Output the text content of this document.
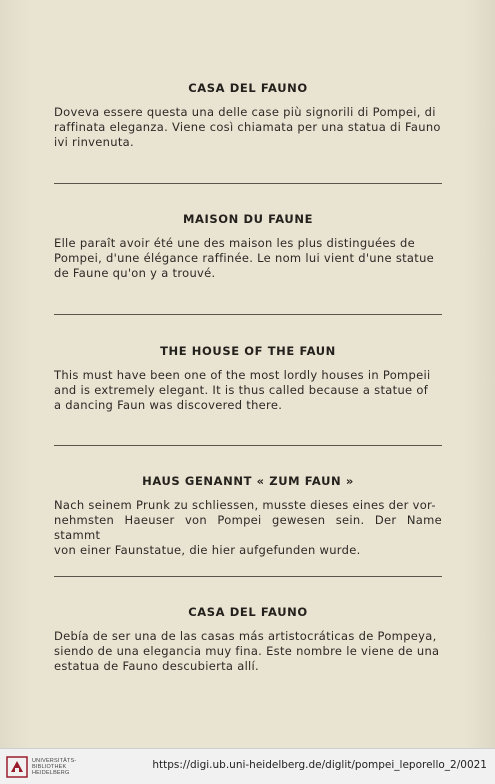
CASA DEL FAUNO
Doveva essere questa una delle case più signorili di Pompei, di
raffinata eleganza. Viene così chiamata per una statua di Fauno
ivi rinvenuta.
MAISON DU FAUNE
Elle paraît avoir été une des maison les plus distinguées de
Pompei, d'une élégance raffinée. Le nom lui vient d'une statue
de Faune qu'on y a trouvé.
THE HOUSE OF THE FAUN
This must have been one of the most lordly houses in Pompeii
and is extremely elegant. It is thus called because a statue of
a dancing Faun was discovered there.
HAUS GENANNT « ZUM FAUN »
Nach seinem Prunk zu schliessen, musste dieses eines der vor-
nehmsten Haeuser von Pompei gewesen sein. Der Name stammt
von einer Faunstatue, die hier aufgefunden wurde.
CASA DEL FAUNO
Debía de ser una de las casas más artistocráticas de Pompeya,
siendo de una elegancia muy fina. Este nombre le viene de una
estatua de Fauno descubierta allí.
UNIVERSITÄTS-
BIBLIOTHEK
HEIDELBERG
https://digi.ub.uni-heidelberg.de/diglit/pompei_leporello_2/0021
